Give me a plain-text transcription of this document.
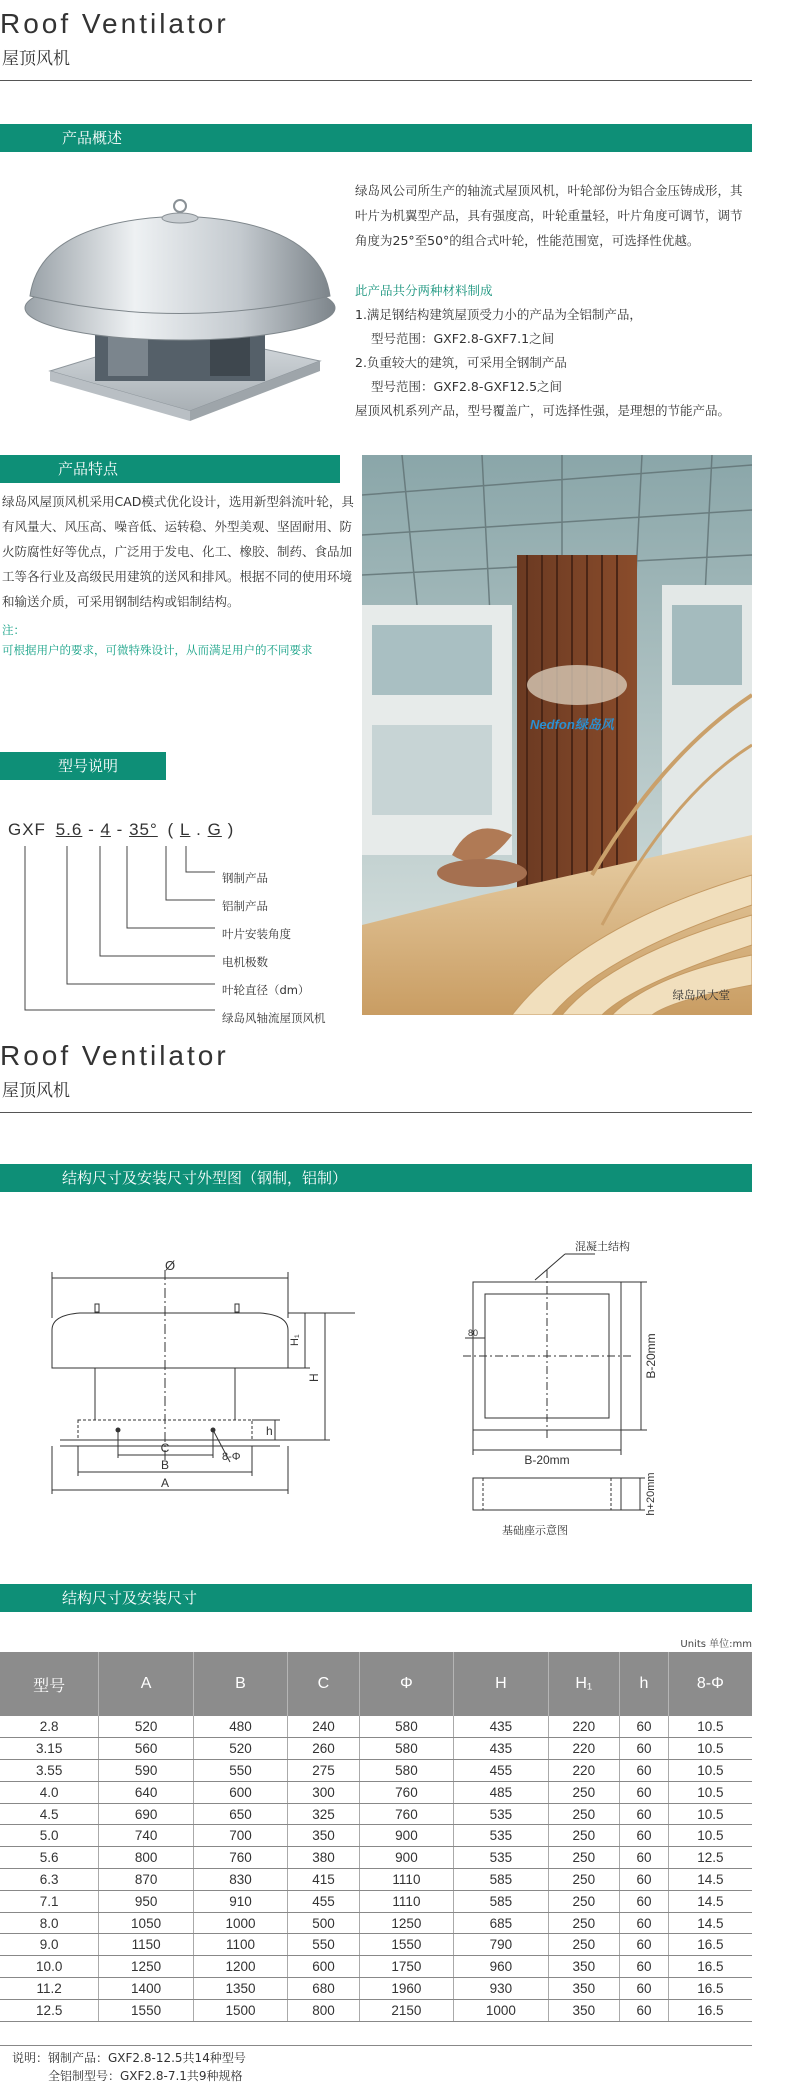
Roof Ventilator
屋顶风机
产品概述
绿岛风公司所生产的轴流式屋顶风机，叶轮部份为铝合金压铸成形，其叶片为机翼型产品，具有强度高，叶轮重量轻，叶片角度可调节，调节角度为25°至50°的组合式叶轮，性能范围宽，可选择性优越。
此产品共分两种材料制成
1.满足钢结构建筑屋顶受力小的产品为全铝制产品，
型号范围：GXF2.8-GXF7.1之间
2.负重较大的建筑，可采用全钢制产品
型号范围：GXF2.8-GXF12.5之间
屋顶风机系列产品，型号覆盖广，可选择性强，是理想的节能产品。
产品特点
绿岛风屋顶风机采用CAD模式优化设计，选用新型斜流叶轮，具有风量大、风压高、噪音低、运转稳、外型美观、坚固耐用、防火防腐性好等优点，广泛用于发电、化工、橡胶、制药、食品加工等各行业及高级民用建筑的送风和排风。根据不同的使用环境和输送介质，可采用钢制结构或铝制结构。
注：
可根据用户的要求，可微特殊设计，从而满足用户的不同要求
型号说明
Nedfon绿岛风
绿岛风大堂
GXF 5.6 - 4 - 35° ( L . G )
钢制产品
铝制产品
叶片安装角度
电机极数
叶轮直径（dm）
绿岛风轴流屋顶风机
Roof Ventilator
屋顶风机
结构尺寸及安装尺寸外型图（钢制，铝制）
Ø
H₁
H
h
C
B
A
8-Φ
混凝土结构
80
B-20mm
B-20mm
h+20mm
基础座示意图
结构尺寸及安装尺寸
Units 单位:mm
型号	A	B	C	Φ	H	H₁	h	8-Φ
2.8	520	480	240	580	435	220	60	10.5
3.15	560	520	260	580	435	220	60	10.5
3.55	590	550	275	580	455	220	60	10.5
4.0	640	600	300	760	485	250	60	10.5
4.5	690	650	325	760	535	250	60	10.5
5.0	740	700	350	900	535	250	60	10.5
5.6	800	760	380	900	535	250	60	12.5
6.3	870	830	415	1110	585	250	60	14.5
7.1	950	910	455	1110	585	250	60	14.5
8.0	1050	1000	500	1250	685	250	60	14.5
9.0	1150	1100	550	1550	790	250	60	16.5
10.0	1250	1200	600	1750	960	350	60	16.5
11.2	1400	1350	680	1960	930	350	60	16.5
12.5	1550	1500	800	2150	1000	350	60	16.5
说明：钢制产品：GXF2.8-12.5共14种型号
全铝制型号：GXF2.8-7.1共9种规格
